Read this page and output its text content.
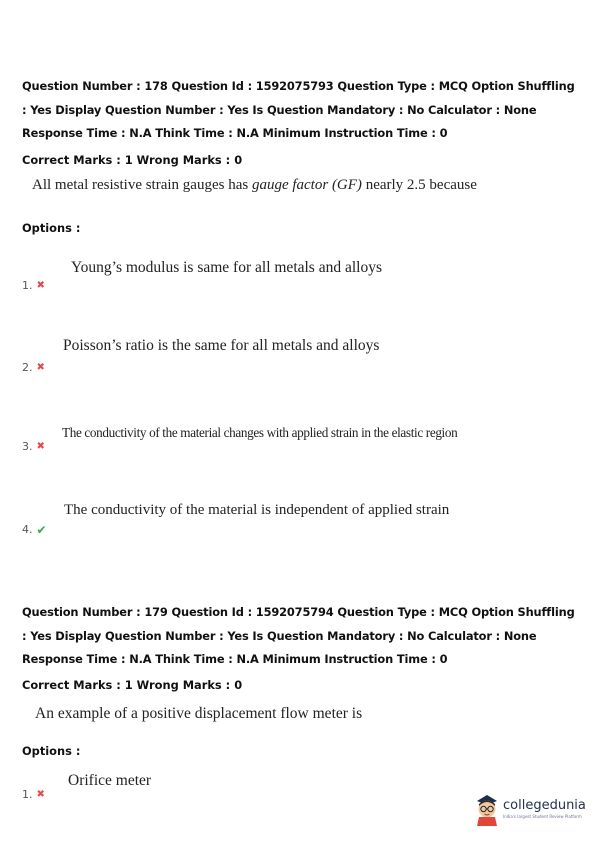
Question Number : 178 Question Id : 1592075793 Question Type : MCQ Option Shuffling : Yes Display Question Number : Yes Is Question Mandatory : No Calculator : None Response Time : N.A Think Time : N.A Minimum Instruction Time : 0

Correct Marks : 1 Wrong Marks : 0
All metal resistive strain gauges has gauge factor (GF) nearly 2.5 because
Options :
Young’s modulus is same for all metals and alloys
1. ✖
Poisson’s ratio is the same for all metals and alloys
2. ✖
The conductivity of the material changes with applied strain in the elastic region
3. ✖
The conductivity of the material is independent of applied strain
4. ✔

Question Number : 179 Question Id : 1592075794 Question Type : MCQ Option Shuffling : Yes Display Question Number : Yes Is Question Mandatory : No Calculator : None Response Time : N.A Think Time : N.A Minimum Instruction Time : 0

Correct Marks : 1 Wrong Marks : 0
An example of a positive displacement flow meter is
Options :
Orifice meter
1. ✖
collegedunia
India's largest Student Review Platform
